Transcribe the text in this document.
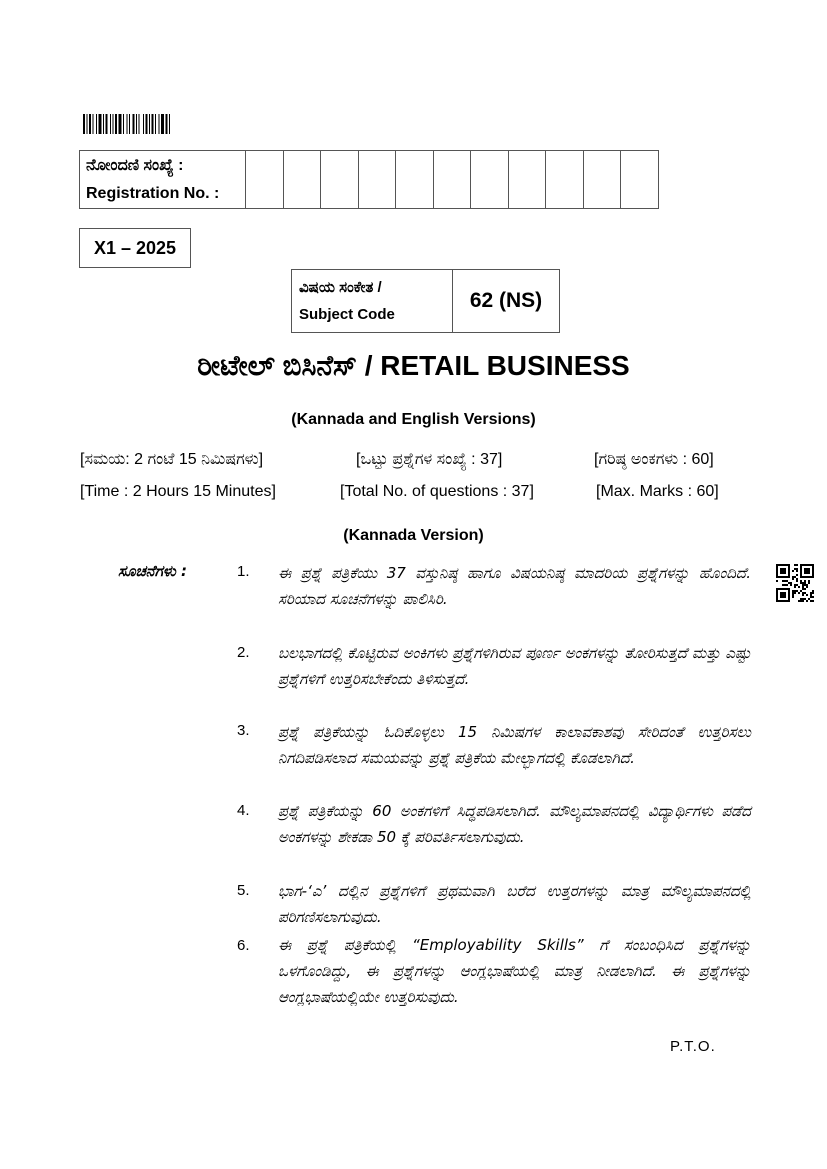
ನೋಂದಣಿ ಸಂಖ್ಯೆ :
Registration No. :

X1 – 2025
ವಿಷಯ ಸಂಕೇತ /
Subject Code
	62 (NS)
ರೀಟೇಲ್ ಬಿಸಿನೆಸ್ / RETAIL BUSINESS
(Kannada and English Versions)
[ಸಮಯ: 2 ಗಂಟೆ 15 ನಿಮಿಷಗಳು]	[ಒಟ್ಟು ಪ್ರಶ್ನೆಗಳ ಸಂಖ್ಯೆ : 37]	[ಗರಿಷ್ಠ ಅಂಕಗಳು : 60]
[Time : 2 Hours 15 Minutes]	[Total No. of questions : 37]	[Max. Marks : 60]
(Kannada Version)
ಸೂಚನೆಗಳು :	1.	ಈ ಪ್ರಶ್ನೆ ಪತ್ರಿಕೆಯು 37 ವಸ್ತುನಿಷ್ಠ ಹಾಗೂ ವಿಷಯನಿಷ್ಠ ಮಾದರಿಯ ಪ್ರಶ್ನೆಗಳನ್ನು ಹೊಂದಿದೆ. ಸರಿಯಾದ ಸೂಚನೆಗಳನ್ನು ಪಾಲಿಸಿರಿ.
2.	ಬಲಭಾಗದಲ್ಲಿ ಕೊಟ್ಟಿರುವ ಅಂಕಿಗಳು ಪ್ರಶ್ನೆಗಳಿಗಿರುವ ಪೂರ್ಣ ಅಂಕಗಳನ್ನು ತೋರಿಸುತ್ತದೆ ಮತ್ತು ಎಷ್ಟು ಪ್ರಶ್ನೆಗಳಿಗೆ ಉತ್ತರಿಸಬೇಕೆಂದು ತಿಳಿಸುತ್ತದೆ.
3.	ಪ್ರಶ್ನೆ ಪತ್ರಿಕೆಯನ್ನು ಓದಿಕೊಳ್ಳಲು 15 ನಿಮಿಷಗಳ ಕಾಲಾವಕಾಶವು ಸೇರಿದಂತೆ ಉತ್ತರಿಸಲು ನಿಗದಿಪಡಿಸಲಾದ ಸಮಯವನ್ನು ಪ್ರಶ್ನೆ ಪತ್ರಿಕೆಯ ಮೇಲ್ಭಾಗದಲ್ಲಿ ಕೊಡಲಾಗಿದೆ.
4.	ಪ್ರಶ್ನೆ ಪತ್ರಿಕೆಯನ್ನು 60 ಅಂಕಗಳಿಗೆ ಸಿದ್ಧಪಡಿಸಲಾಗಿದೆ. ಮೌಲ್ಯಮಾಪನದಲ್ಲಿ ವಿದ್ಯಾರ್ಥಿಗಳು ಪಡೆದ ಅಂಕಗಳನ್ನು ಶೇಕಡಾ 50 ಕ್ಕೆ ಪರಿವರ್ತಿಸಲಾಗುವುದು.
5.	ಭಾಗ-‘ಎ’ ದಲ್ಲಿನ ಪ್ರಶ್ನೆಗಳಿಗೆ ಪ್ರಥಮವಾಗಿ ಬರೆದ ಉತ್ತರಗಳನ್ನು ಮಾತ್ರ ಮೌಲ್ಯಮಾಪನದಲ್ಲಿ ಪರಿಗಣಿಸಲಾಗುವುದು.
6.	ಈ ಪ್ರಶ್ನೆ ಪತ್ರಿಕೆಯಲ್ಲಿ “Employability Skills” ಗೆ ಸಂಬಂಧಿಸಿದ ಪ್ರಶ್ನೆಗಳನ್ನು ಒಳಗೊಂಡಿದ್ದು, ಈ ಪ್ರಶ್ನೆಗಳನ್ನು ಆಂಗ್ಲಭಾಷೆಯಲ್ಲಿ ಮಾತ್ರ ನೀಡಲಾಗಿದೆ. ಈ ಪ್ರಶ್ನೆಗಳನ್ನು ಆಂಗ್ಲಭಾಷೆಯಲ್ಲಿಯೇ ಉತ್ತರಿಸುವುದು.
P.T.O.
